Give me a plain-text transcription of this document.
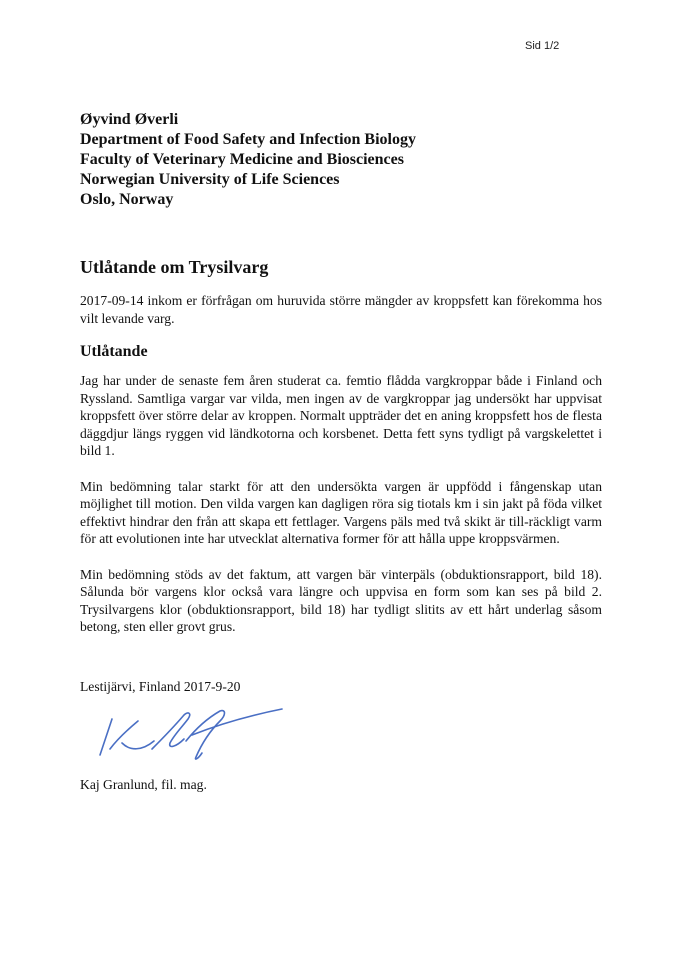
Sid 1/2
Øyvind Øverli
Department of Food Safety and Infection Biology
Faculty of Veterinary Medicine and Biosciences
Norwegian University of Life Sciences
Oslo, Norway
Utlåtande om Trysilvarg

2017-09-14 inkom er förfrågan om huruvida större mängder av kroppsfett kan förekomma hos vilt levande varg.

Utlåtande

Jag har under de senaste fem åren studerat ca. femtio flådda vargkroppar både i Finland och Ryssland. Samtliga vargar var vilda, men ingen av de vargkroppar jag undersökt har uppvisat kroppsfett över större delar av kroppen. Normalt uppträder det en aning kroppsfett hos de flesta däggdjur längs ryggen vid ländkotorna och korsbenet. Detta fett syns tydligt på vargskelettet i bild 1.

Min bedömning talar starkt för att den undersökta vargen är uppfödd i fångenskap utan möjlighet till motion. Den vilda vargen kan dagligen röra sig tiotals km i sin jakt på föda vilket effektivt hindrar den från att skapa ett fettlager. Vargens päls med två skikt är till-räckligt varm för att evolutionen inte har utvecklat alternativa former för att hålla uppe kroppsvärmen.

Min bedömning stöds av det faktum, att vargen bär vinterpäls (obduktionsrapport, bild 18). Sålunda bör vargens klor också vara längre och uppvisa en form som kan ses på bild 2. Trysilvargens klor (obduktionsrapport, bild 18) har tydligt slitits av ett hårt underlag såsom betong, sten eller grovt grus.

Lestijärvi, Finland 2017-9-20

Kaj Granlund, fil. mag.
